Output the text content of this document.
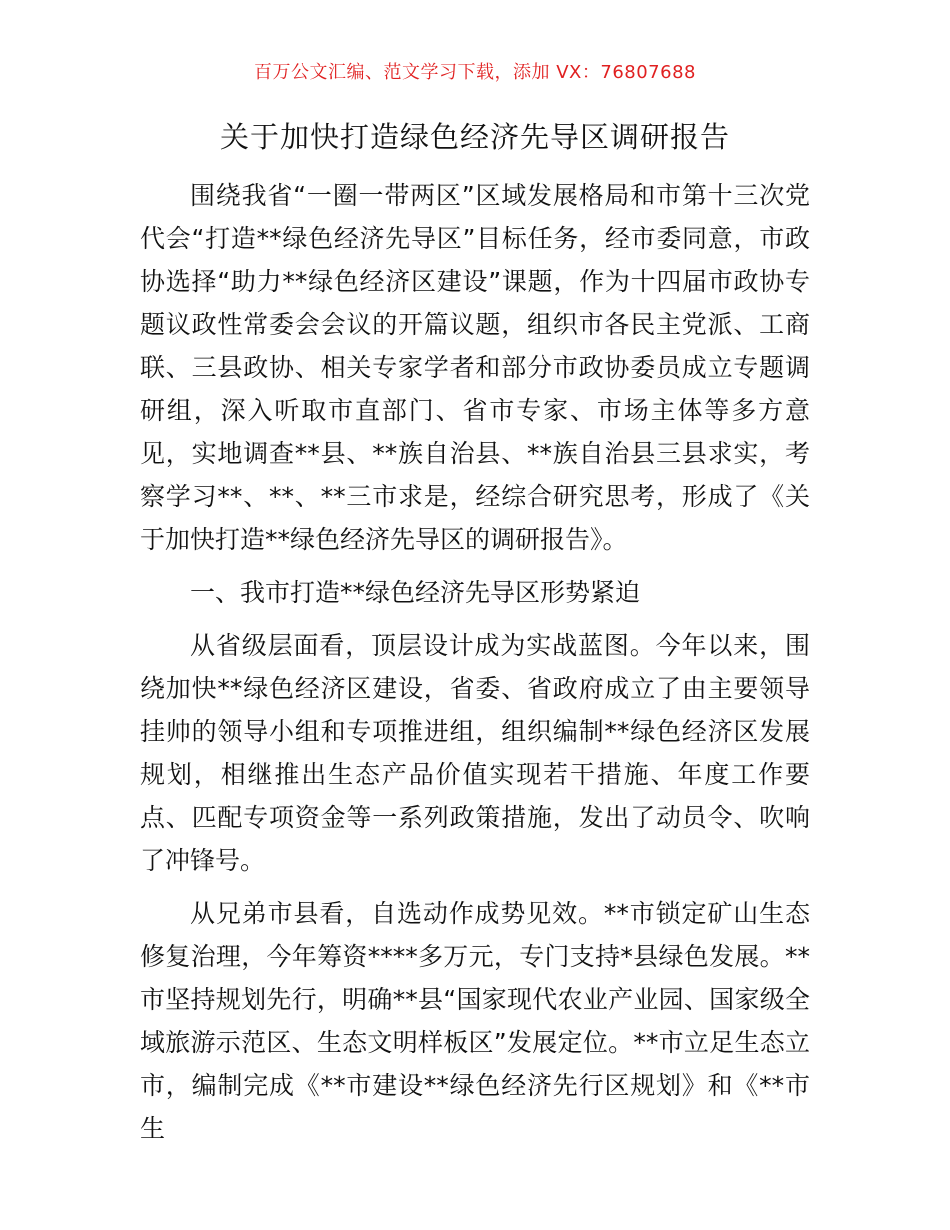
百万公文汇编、范文学习下载，添加 VX：76807688
关于加快打造绿色经济先导区调研报告

围绕我省“一圈一带两区”区域发展格局和市第十三次党代会“打造**绿色经济先导区”目标任务，经市委同意，市政协选择“助力**绿色经济区建设”课题，作为十四届市政协专题议政性常委会会议的开篇议题，组织市各民主党派、工商联、三县政协、相关专家学者和部分市政协委员成立专题调研组，深入听取市直部门、省市专家、市场主体等多方意见，实地调查**县、**族自治县、**族自治县三县求实，考察学习**、**、**三市求是，经综合研究思考，形成了《关于加快打造**绿色经济先导区的调研报告》。

一、我市打造**绿色经济先导区形势紧迫

从省级层面看，顶层设计成为实战蓝图。今年以来，围绕加快**绿色经济区建设，省委、省政府成立了由主要领导挂帅的领导小组和专项推进组，组织编制**绿色经济区发展规划，相继推出生态产品价值实现若干措施、年度工作要点、匹配专项资金等一系列政策措施，发出了动员令、吹响了冲锋号。

从兄弟市县看，自选动作成势见效。**市锁定矿山生态修复治理，今年筹资****多万元，专门支持*县绿色发展。**市坚持规划先行，明确**县“国家现代农业产业园、国家级全域旅游示范区、生态文明样板区”发展定位。**市立足生态立市，编制完成《**市建设**绿色经济先行区规划》和《**市生
